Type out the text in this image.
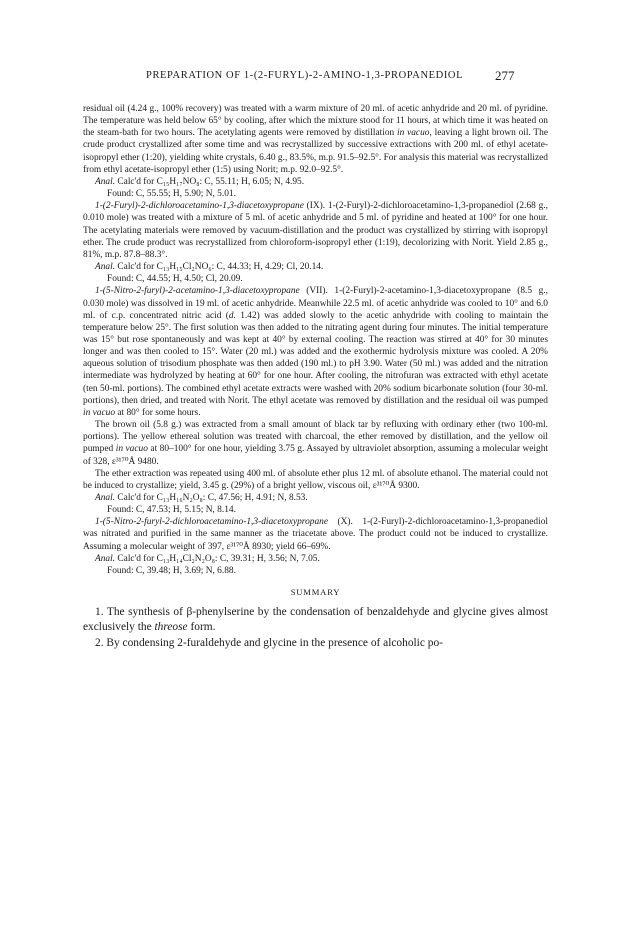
PREPARATION OF 1-(2-FURYL)-2-AMINO-1,3-PROPANEDIOL 277

residual oil (4.24 g., 100% recovery) was treated with a warm mixture of 20 ml. of acetic anhydride and 20 ml. of pyridine. The temperature was held below 65° by cooling, after which the mixture stood for 11 hours, at which time it was heated on the steam-bath for two hours. The acetylating agents were removed by distillation in vacuo, leaving a light brown oil. The crude product crystallized after some time and was recrystallized by successive extractions with 200 ml. of ethyl acetate-isopropyl ether (1:20), yielding white crystals, 6.40 g., 83.5%, m.p. 91.5–92.5°. For analysis this material was recrystallized from ethyl acetate-isopropyl ether (1:5) using Norit; m.p. 92.0–92.5°.

Anal. Calc'd for C₁₅H₁₇NO₈: C, 55.11; H, 6.05; N, 4.95.

Found: C, 55.55; H, 5.90; N, 5.01.

1-(2-Furyl)-2-dichloroacetamino-1,3-diacetoxypropane (IX). 1-(2-Furyl)-2-dichloroacetamino-1,3-propanediol (2.68 g., 0.010 mole) was treated with a mixture of 5 ml. of acetic anhydride and 5 ml. of pyridine and heated at 100° for one hour. The acetylating materials were removed by vacuum-distillation and the product was crystallized by stirring with isopropyl ether. The crude product was recrystallized from chloroform-isopropyl ether (1:19), decolorizing with Norit. Yield 2.85 g., 81%, m.p. 87.8–88.3°.

Anal. Calc'd for C₁₃H₁₅Cl₂NO₆: C, 44.33; H, 4.29; Cl, 20.14.

Found: C, 44.55; H, 4.50; Cl, 20.09.

1-(5-Nitro-2-furyl)-2-acetamino-1,3-diacetoxypropane (VII). 1-(2-Furyl)-2-acetamino-1,3-diacetoxypropane (8.5 g., 0.030 mole) was dissolved in 19 ml. of acetic anhydride. Meanwhile 22.5 ml. of acetic anhydride was cooled to 10° and 6.0 ml. of c.p. concentrated nitric acid (d. 1.42) was added slowly to the acetic anhydride with cooling to maintain the temperature below 25°. The first solution was then added to the nitrating agent during four minutes. The initial temperature was 15° but rose spontaneously and was kept at 40° by external cooling. The reaction was stirred at 40° for 30 minutes longer and was then cooled to 15°. Water (20 ml.) was added and the exothermic hydrolysis mixture was cooled. A 20% aqueous solution of trisodium phosphate was then added (190 ml.) to pH 3.90. Water (50 ml.) was added and the nitration intermediate was hydrolyzed by heating at 60° for one hour. After cooling, the nitrofuran was extracted with ethyl acetate (ten 50-ml. portions). The combined ethyl acetate extracts were washed with 20% sodium bicarbonate solution (four 30-ml. portions), then dried, and treated with Norit. The ethyl acetate was removed by distillation and the residual oil was pumped in vacuo at 80° for some hours.

The brown oil (5.8 g.) was extracted from a small amount of black tar by refluxing with ordinary ether (two 100-ml. portions). The yellow ethereal solution was treated with charcoal, the ether removed by distillation, and the yellow oil pumped in vacuo at 80–100° for one hour, yielding 3.75 g. Assayed by ultraviolet absorption, assuming a molecular weight of 328, ε³¹⁷⁰Å 9480.

The ether extraction was repeated using 400 ml. of absolute ether plus 12 ml. of absolute ethanol. The material could not be induced to crystallize; yield, 3.45 g. (29%) of a bright yellow, viscous oil, ε³¹⁷⁰Å 9300.

Anal. Calc'd for C₁₃H₁₆N₂O₈: C, 47.56; H, 4.91; N, 8.53.

Found: C, 47.53; H, 5.15; N, 8.14.

1-(5-Nitro-2-furyl-2-dichloroacetamino-1,3-diacetoxypropane (X). 1-(2-Furyl)-2-dichloroacetamino-1,3-propanediol was nitrated and purified in the same manner as the triacetate above. The product could not be induced to crystallize. Assuming a molecular weight of 397, ε³¹⁷⁰Å 8930; yield 66–69%.

Anal. Calc'd for C₁₃H₁₄Cl₂N₂O₈: C, 39.31; H, 3.56; N, 7.05.

Found: C, 39.48; H, 3.69; N, 6.88.

SUMMARY

1. The synthesis of β-phenylserine by the condensation of benzaldehyde and glycine gives almost exclusively the threose form.

2. By condensing 2-furaldehyde and glycine in the presence of alcoholic po-
